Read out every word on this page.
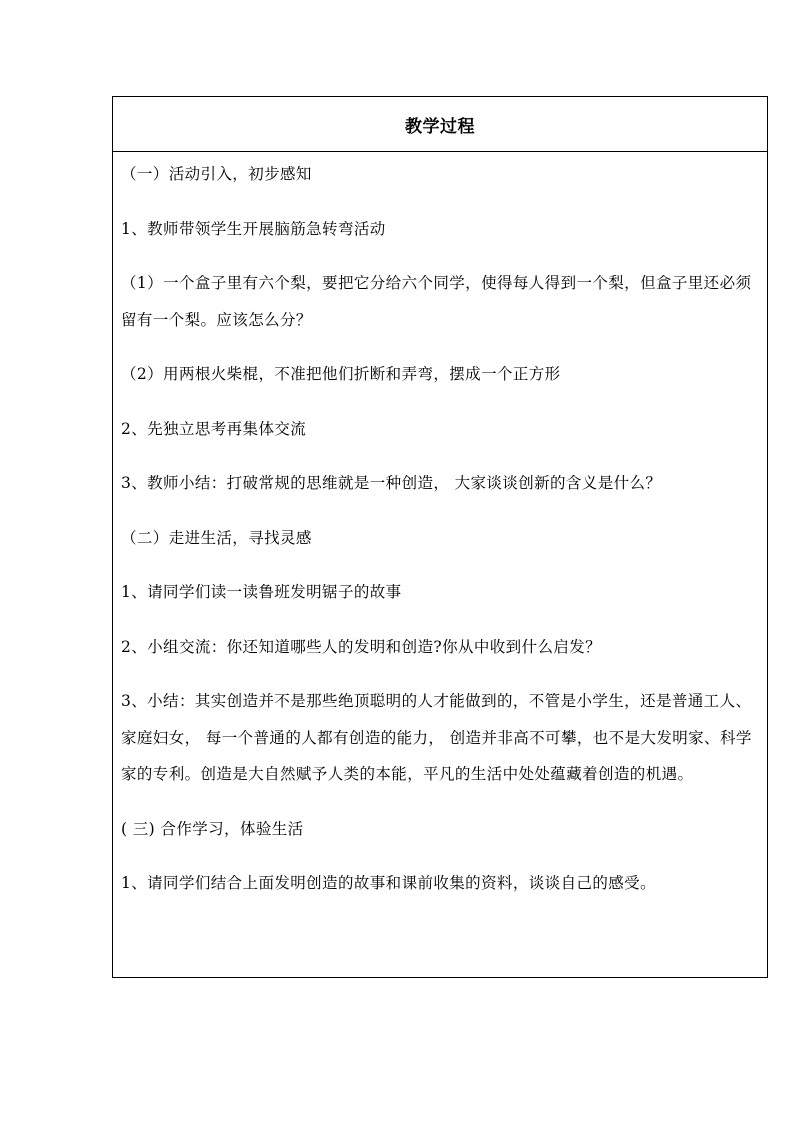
教学过程

（一）活动引入，初步感知

1、教师带领学生开展脑筋急转弯活动

（1）一个盒子里有六个梨，要把它分给六个同学，使得每人得到一个梨，但盒子里还必须留有一个梨。应该怎么分？

（2）用两根火柴棍，不准把他们折断和弄弯，摆成一个正方形

2、先独立思考再集体交流

3、教师小结：打破常规的思维就是一种创造， 大家谈谈创新的含义是什么？

（二）走进生活，寻找灵感

1、请同学们读一读鲁班发明锯子的故事

2、小组交流：你还知道哪些人的发明和创造?你从中收到什么启发？

3、小结：其实创造并不是那些绝顶聪明的人才能做到的，不管是小学生，还是普通工人、家庭妇女， 每一个普通的人都有创造的能力， 创造并非高不可攀，也不是大发明家、科学家的专利。创造是大自然赋予人类的本能，平凡的生活中处处蕴藏着创造的机遇。

( 三) 合作学习，体验生活

1、请同学们结合上面发明创造的故事和课前收集的资料，谈谈自己的感受。
